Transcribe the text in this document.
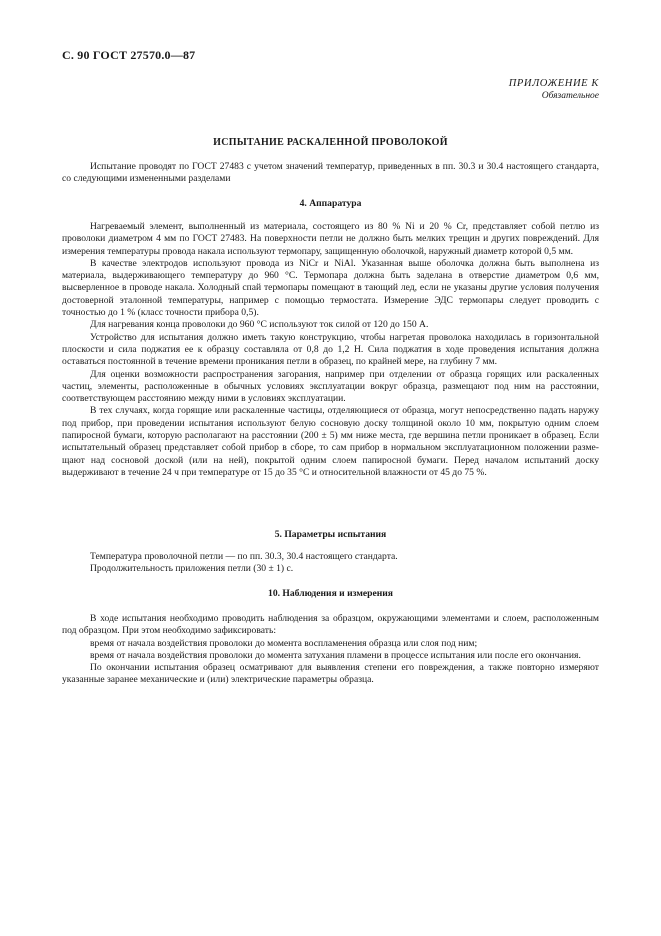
С. 90 ГОСТ 27570.0—87
ПРИЛОЖЕНИЕ К
Обязательное
ИСПЫТАНИЕ РАСКАЛЕННОЙ ПРОВОЛОКОЙ

Испытание проводят по ГОСТ 27483 с учетом значений температур, приведенных в пп. 30.3 и 30.4 настоящего стандарта, со следующими измененными разделами

4. Аппаратура

Нагреваемый элемент, выполненный из материала, состоящего из 80 % Ni и 20 % Cr, представляет собой петлю из проволоки диаметром 4 мм по ГОСТ 27483. На поверхности петли не должно быть мелких трещин и других повреждений. Для измерения температуры провода накала используют термопару, защищенную оболочкой, наружный диаметр которой 0,5 мм.

В качестве электродов используют провода из NiCr и NiAl. Указанная выше оболочка должна быть выполнена из материала, выдерживающего температуру до 960 °С. Термопара должна быть заделана в отверстие диаметром 0,6 мм, высверленное в проводе накала. Холодный спай термопары помещают в тающий лед, если не указаны другие условия получения достоверной эталонной температуры, например с помощью термостата. Измерение ЭДС термопары следует проводить с точностью до 1 % (класс точности прибора 0,5).

Для нагревания конца проволоки до 960 °С используют ток силой от 120 до 150 А.

Устройство для испытания должно иметь такую конструкцию, чтобы нагретая проволока находилась в горизонтальной плоскости и сила поджатия ее к образцу составляла от 0,8 до 1,2 Н. Сила поджатия в ходе проведения испытания должна оставаться постоянной в течение времени проникания петли в образец, по крайней мере, на глубину 7 мм.

Для оценки возможности распространения загорания, например при отделении от образца горящих или раскаленных частиц, элементы, расположенные в обычных условиях эксплуатации вокруг образца, размещают под ним на расстоянии, соответствующем расстоянию между ними в условиях эксплуатации.

В тех случаях, когда горящие или раскаленные частицы, отделяющиеся от образца, могут непосредственно падать наружу под прибор, при проведении испытания используют белую сосновую доску толщиной около 10 мм, покрытую одним слоем папиросной бумаги, которую располагают на расстоянии (200 ± 5) мм ниже места, где вершина петли проникает в образец. Если испытательный образец представляет собой прибор в сборе, то сам прибор в нормальном эксплуатационном положении размещают над сосновой доской (или на ней), покрытой одним слоем папиросной бумаги. Перед началом испытаний доску выдерживают в течение 24 ч при температуре от 15 до 35 °С и относительной влажности от 45 до 75 %.

5. Параметры испытания

Температура проволочной петли — по пп. 30.3, 30.4 настоящего стандарта.

Продолжительность приложения петли (30 ± 1) с.

10. Наблюдения и измерения

В ходе испытания необходимо проводить наблюдения за образцом, окружающими элементами и слоем, расположенным под образцом. При этом необходимо зафиксировать:

время от начала воздействия проволоки до момента воспламенения образца или слоя под ним;

время от начала воздействия проволоки до момента затухания пламени в процессе испытания или после его окончания.

По окончании испытания образец осматривают для выявления степени его повреждения, а также повторно измеряют указанные заранее механические и (или) электрические параметры образца.
